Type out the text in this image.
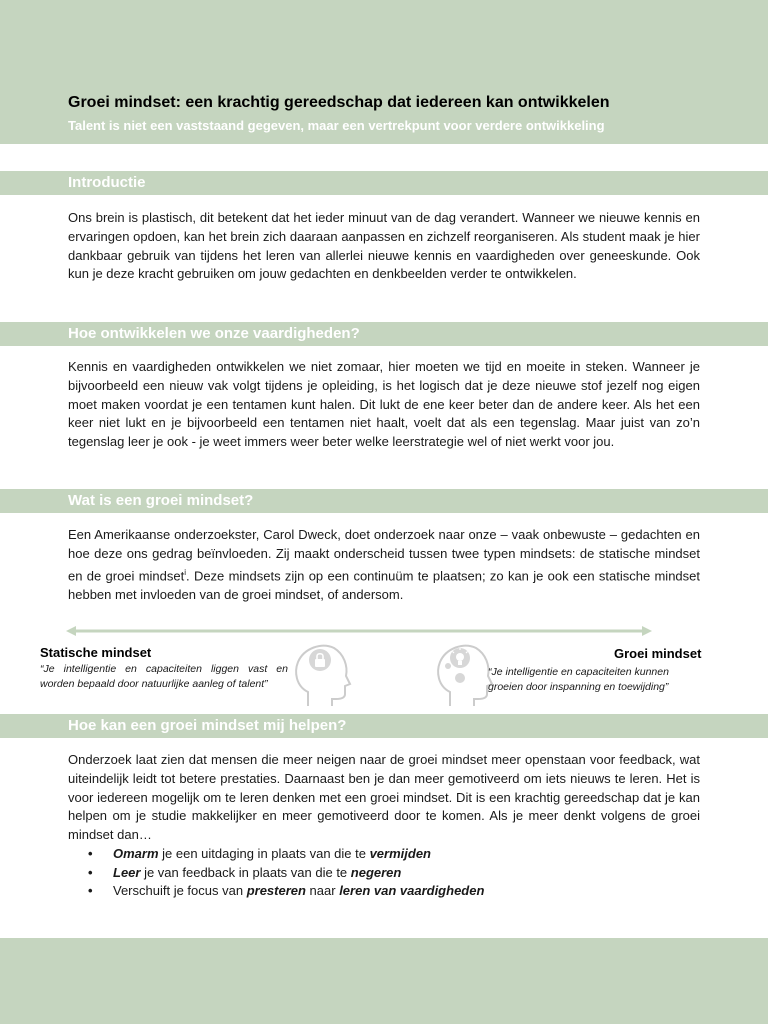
Groei mindset: een krachtig gereedschap dat iedereen kan ontwikkelen
Talent is niet een vaststaand gegeven, maar een vertrekpunt voor verdere ontwikkeling
Introductie

Ons brein is plastisch, dit betekent dat het ieder minuut van de dag verandert. Wanneer we nieuwe kennis en ervaringen opdoen, kan het brein zich daaraan aanpassen en zichzelf reorganiseren. Als student maak je hier dankbaar gebruik van tijdens het leren van allerlei nieuwe kennis en vaardigheden over geneeskunde. Ook kun je deze kracht gebruiken om jouw gedachten en denkbeelden verder te ontwikkelen.

Hoe ontwikkelen we onze vaardigheden?

Kennis en vaardigheden ontwikkelen we niet zomaar, hier moeten we tijd en moeite in steken. Wanneer je bijvoorbeeld een nieuw vak volgt tijdens je opleiding, is het logisch dat je deze nieuwe stof jezelf nog eigen moet maken voordat je een tentamen kunt halen. Dit lukt de ene keer beter dan de andere keer. Als het een keer niet lukt en je bijvoorbeeld een tentamen niet haalt, voelt dat als een tegenslag. Maar juist van zo’n tegenslag leer je ook - je weet immers weer beter welke leerstrategie wel of niet werkt voor jou.

Wat is een groei mindset?

Een Amerikaanse onderzoekster, Carol Dweck, doet onderzoek naar onze – vaak onbewuste – gedachten en hoe deze ons gedrag beïnvloeden. Zij maakt onderscheid tussen twee typen mindsets: de statische mindset en de groei mindset$^i$. Deze mindsets zijn op een continuüm te plaatsen; zo kan je ook een statische mindset hebben met invloeden van de groei mindset, of andersom.

Statische mindset
“Je intelligentie en capaciteiten liggen vast en worden bepaald door natuurlijke aanleg of talent”
Groei mindset
“Je intelligentie en capaciteiten kunnen groeien door inspanning en toewijding”
Hoe kan een groei mindset mij helpen?

Onderzoek laat zien dat mensen die meer neigen naar de groei mindset meer openstaan voor feedback, wat uiteindelijk leidt tot betere prestaties. Daarnaast ben je dan meer gemotiveerd om iets nieuws te leren. Het is voor iedereen mogelijk om te leren denken met een groei mindset. Dit is een krachtig gereedschap dat je kan helpen om je studie makkelijker en meer gemotiveerd door te komen. Als je meer denkt volgens de groei mindset dan…

• Omarm je een uitdaging in plaats van die te vermijden
• Leer je van feedback in plaats van die te negeren
• Verschuift je focus van presteren naar leren van vaardigheden
